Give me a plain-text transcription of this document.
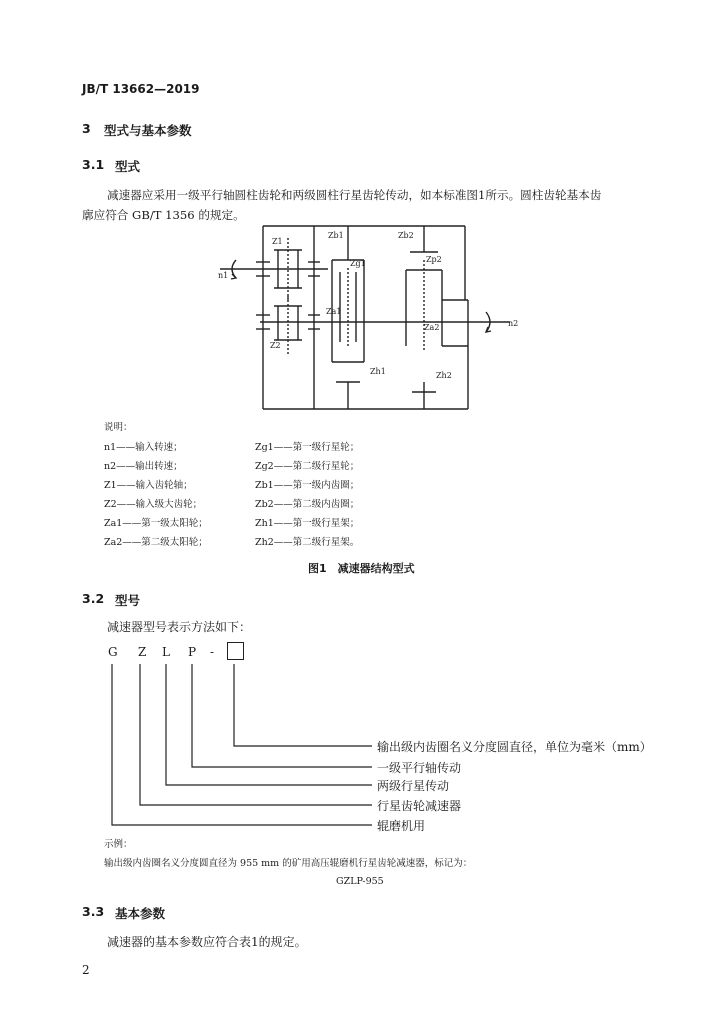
JB/T 13662—2019
3 型式与基本参数
3.1 型式
减速器应采用一级平行轴圆柱齿轮和两级圆柱行星齿轮传动，如本标准图1所示。圆柱齿轮基本齿
廓应符合 GB/T 1356 的规定。
Z1
Z2
Zb1
Zg1
Za1
Zh1
Zb2
Zp2
Za2
Zh2
n1
n2
说明：
n1——输入转速；
n2——输出转速；
Z1——输入齿轮轴；
Z2——输入级大齿轮；
Za1——第一级太阳轮；
Za2——第二级太阳轮；
Zg1——第一级行星轮；
Zg2——第二级行星轮；
Zb1——第一级内齿圈；
Zb2——第二级内齿圈；
Zh1——第一级行星架；
Zh2——第二级行星架。
图1　减速器结构型式
3.2 型号
减速器型号表示方法如下：
G Z L P -
输出级内齿圈名义分度圆直径，单位为毫米（mm）
一级平行轴传动
两级行星传动
行星齿轮减速器
辊磨机用
示例：
输出级内齿圈名义分度圆直径为 955 mm 的矿用高压辊磨机行星齿轮减速器，标记为：
GZLP-955
3.3 基本参数
减速器的基本参数应符合表1的规定。
2
